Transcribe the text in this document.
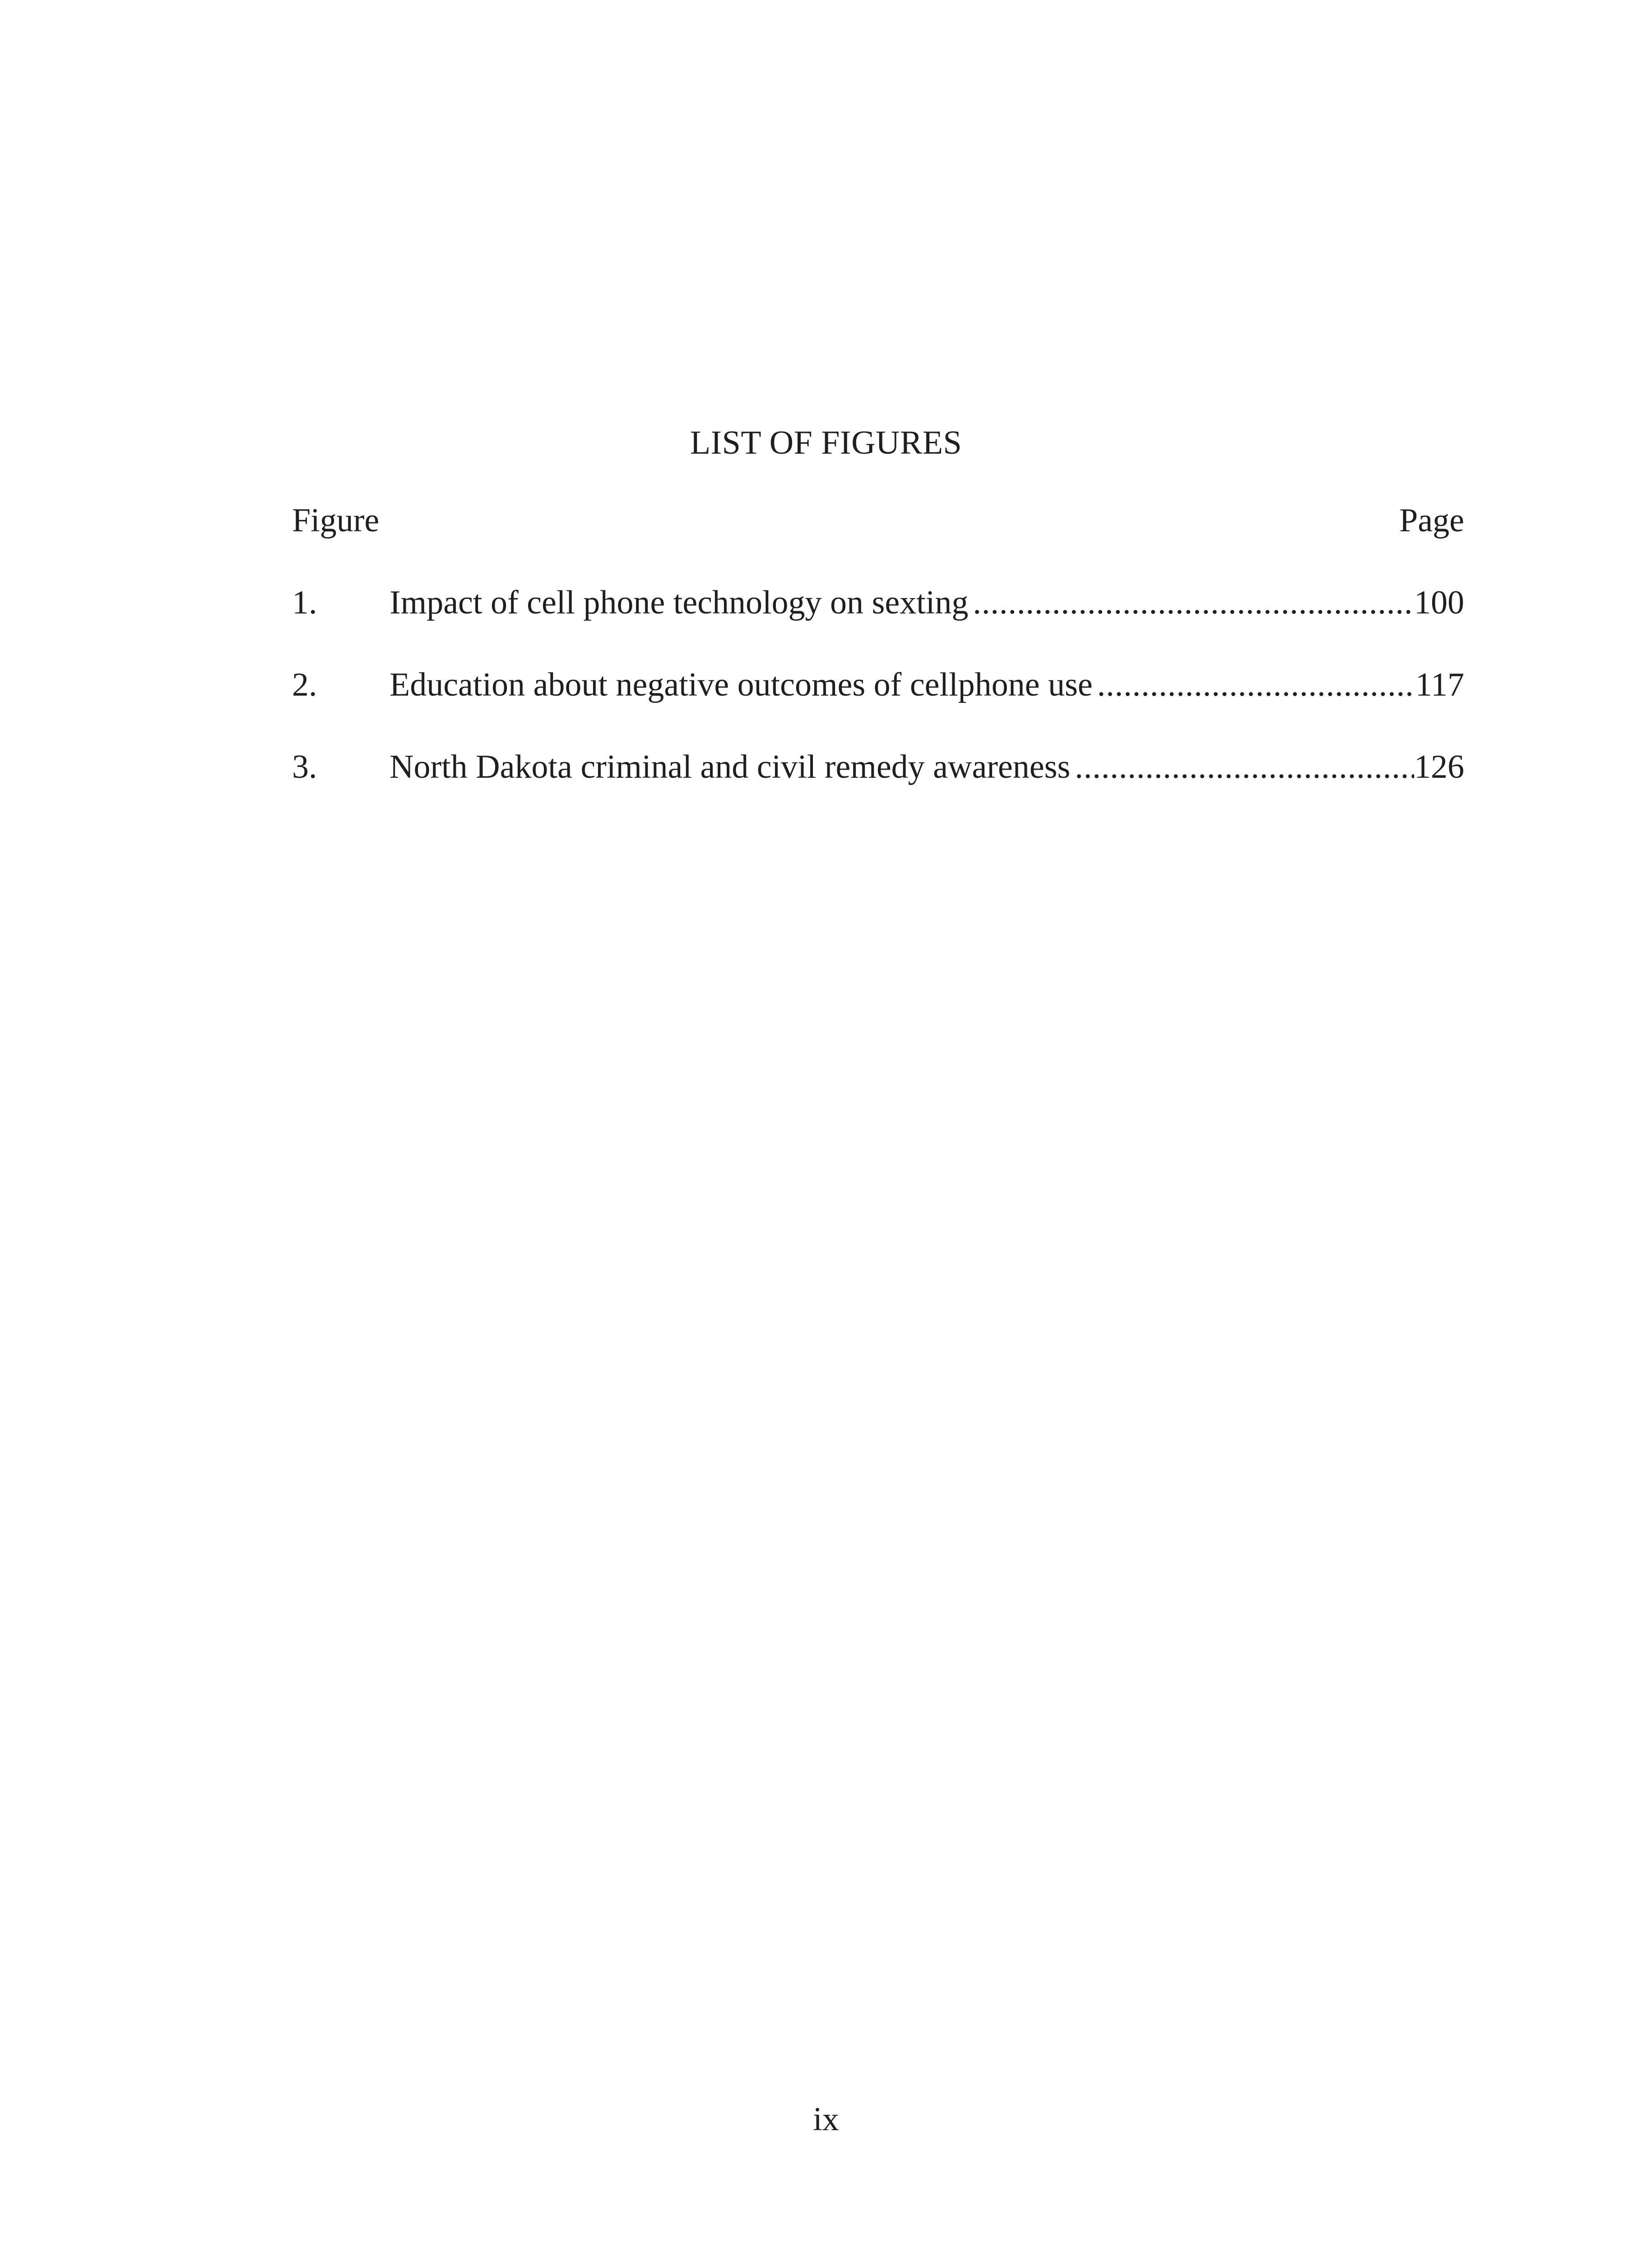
LIST OF FIGURES
Figure	Page
1.	Impact of cell phone technology on sexting .....	100
2.	Education about negative outcomes of cellphone use .....	117
3.	North Dakota criminal and civil remedy awareness .....	126
ix
